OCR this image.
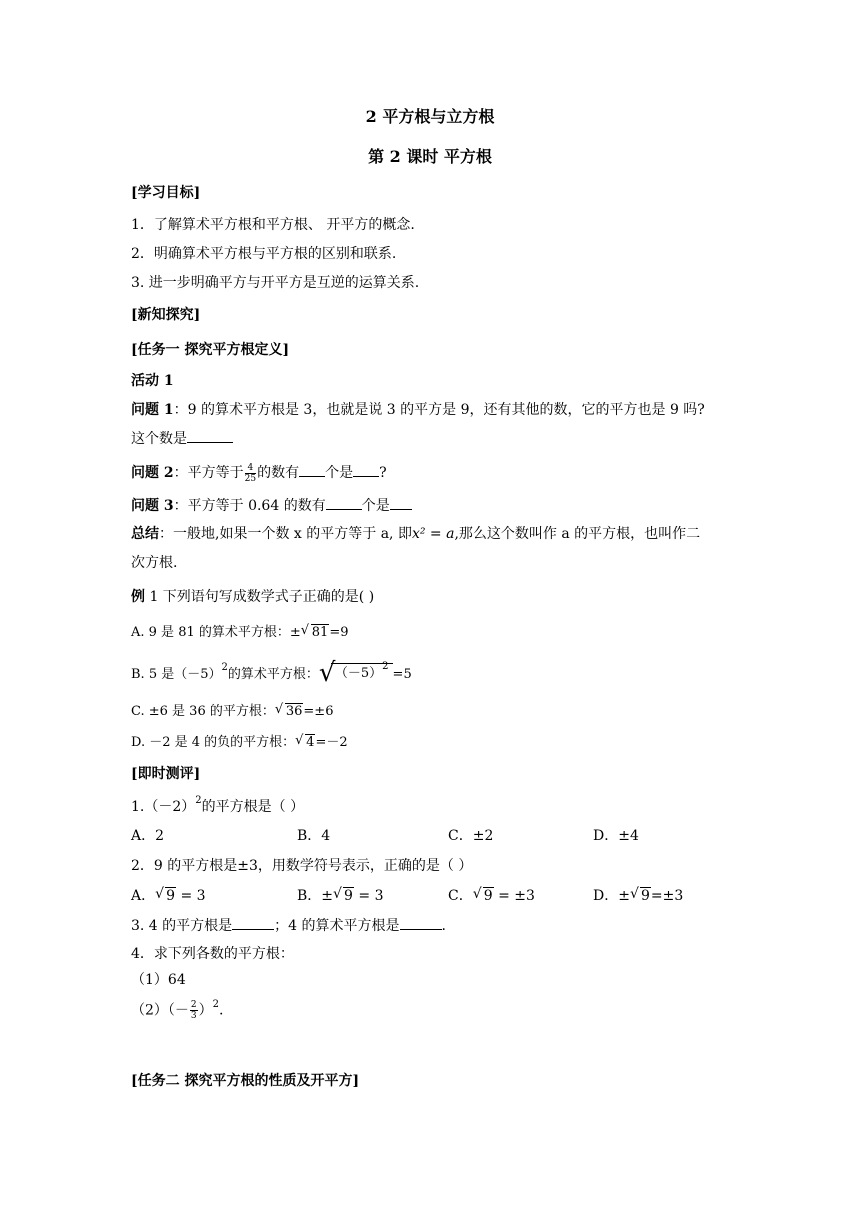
2 平方根与立方根
第 2 课时 平方根
[学习目标]
1．了解算术平方根和平方根、 开平方的概念.
2．明确算术平方根与平方根的区别和联系.
3. 进一步明确平方与开平方是互逆的运算关系.
[新知探究]
[任务一 探究平方根定义]
活动 1
问题 1：9 的算术平方根是 3，也就是说 3 的平方是 9，还有其他的数，它的平方也是 9 吗?
这个数是
问题 2：平方等于 $\frac{4}{25}$ 的数有 个是 ?
问题 3：平方等于 0.64 的数有	个是
总结：一般地,如果一个数 x 的平方等于 a, 即x² = a,那么这个数叫作 a 的平方根，也叫作二
次方根.
例 1 下列语句写成数学式子正确的是( )
A. 9 是 81 的算术平方根：± √ 81=9
B. 5 是$(-5)^2$的算术平方根： √ $(-5)^2=5$
C. ±6 是 36 的平方根： √ 36=±6
D. －2 是 4 的负的平方根： √ 4=－2
[即时测评]
$1.(-2)^2$的平方根是（ ）
A．2	B．4	C．±2	D．±4
2．9 的平方根是±3，用数学符号表示，正确的是（ ）
A． √ 9 = 3	B．± √ 9 = 3	C． √ 9 = ±3	D．± √ 9=±3
3. 4 的平方根是	；4 的算术平方根是	.
4．求下列各数的平方根：
（1）64
$(2)(- \frac{2}{3} )^2$.
[任务二 探究平方根的性质及开平方]
